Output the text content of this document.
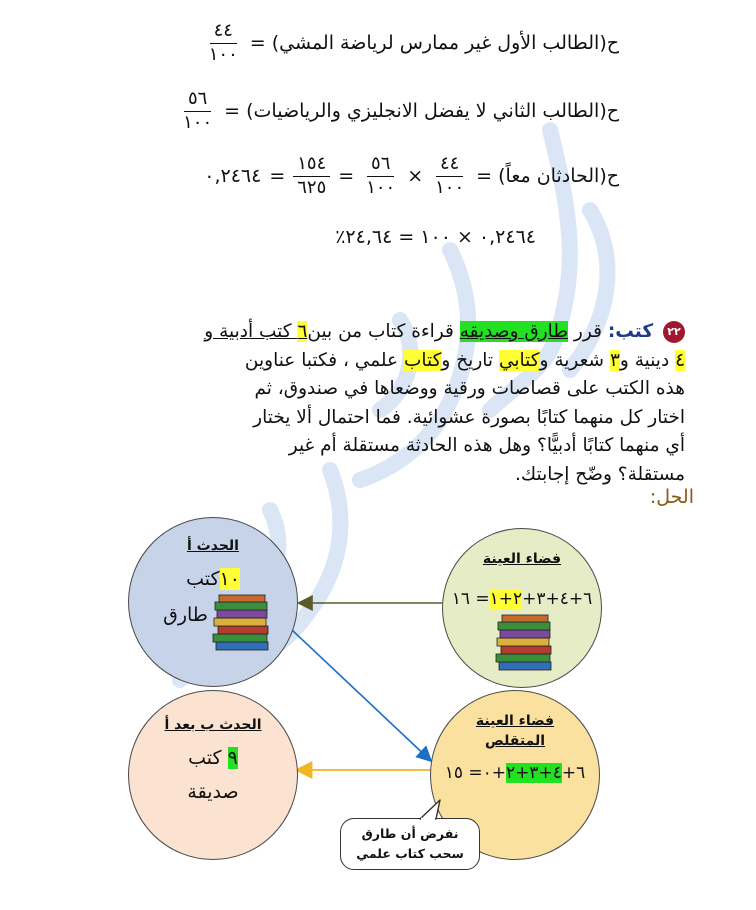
ح(الطالب الأول غير ممارس لرياضة المشي) =
$\frac{٤٤}{١٠٠}$
ح(الطالب الثاني لا يفضل الانجليزي والرياضيات) =
$\frac{٥٦}{١٠٠}$
ح(الحادثان معاً) =
$\frac{٤٤}{١٠٠}$
×
$\frac{٥٦}{١٠٠}$
=
$\frac{١٥٤}{٦٢٥}$
=
٠,٢٤٦٤
٠,٢٤٦٤ × ١٠٠ = ٢٤,٦٤٪
٢٢ كتب: قرر طارق وصديقه قراءة كتاب من بين٦ كتب أدبية و
٤ دينية و٣ شعرية وكتابي تاريخ وكتاب علمي ، فكتبا عناوين
هذه الكتب على قصاصات ورقية ووضعاها في صندوق، ثم
اختار كل منهما كتابًا بصورة عشوائية. فما احتمال ألا يختار
أي منهما كتابًا أدبيًّا؟ وهل هذه الحادثة مستقلة أم غير
مستقلة؟ وضّح إجابتك.
الحل:
الحدث أ
١٠كتب
طارق
فضاء العينة
٦+٤+٣+٢+١= ١٦
الحدث ب بعد أ
٩ كتب
صديقة
فضاء العينة
المتقلص
٦+٤+٣+٢+٠= ١٥
نفرض أن طارق
سحب كتاب علمي
